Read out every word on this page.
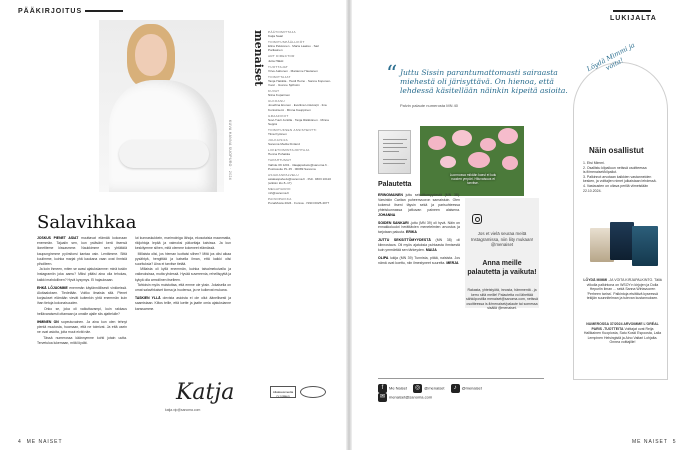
PÄÄKIRJOITUS
KUVA HANNA SUOPURO · 2024
Salavihkaa

JOSKUS PIENET ASIAT muuttavat elämää kokonaan enemmän. Tajuaiin sen, kun ystäväni kerä itsensä ilonetiteme kissasmme. Naukkimme sen yhtäkkiä kaupunginmme pyörsitorsi kantaa vain. Lentämme. Sittä kuulimme, kuinka marjat yhä kaukana vaan ovat ihmisiä pihoilleen.

Ja koin ihmeen, miten se avasi ajatuksiamme: minä tuskin Instagramiin joka aamu? Miksi pitäisi aina olla tehokas, kaikki mahdollinen? Hyvä kysymys. Ei hajauksaan.

EHKÄ LÖJUOMME enemmän käytännöllisesti vinkkeissä. Aloitaaloksen. Tiedetään. Voitko ilmaista sitä. Pienet korjaukset elämään vievät kuitenkin yhtä enemmän kuin ihan tietoja kokonaisuuden.

Onko se, joka oli vaikuttavampi, kuin rakkaus hellävaraisesti ottamaan ja omalle ajalle siis ajattelulle?

IHMINEN ON sopeutuvainen. Ja aina kun olen tehnyt pientä muutosta, huomaan, että ne toimivat. Ja että usein ne ovat asioita, joita muut eivät näe.

Tässä numerossa käännymme kohti jotain uutta. Tervetuloa lukemaan, mitä löydät.

lut kunnaskukkein, marimolniga lähoja, ekosotaisia maanmatia, rikijohtoja lepää ja vaimoksi päkorttaja kaivissa. Ja kun keskitymme siihen, mitä olemme kokeneet elämässä.

Millaista olisi, jos hieman luottaisi siihen? Mitä jos olisi aikaa pysähtyä, hengittää ja katsella ilman, että kaikki olisi suorituksia? Aina ei tarvitse tietää.

Millaista oli kyllä enemmän, kuinka taivalmekuivalla ja vaikeuksissa, mutta yhdessä. Hyvää suvereenia, rehellisyyttä ja kykyä olla armollinen itselleen.

Tahtoisin myös muistuttaa, että emme ole yksin. Jokaisella on omat salavihkaiset ilonsa ja huolensa, ja ne kulkevat mukana.

TASKIEN YLLÄ olevista asioista ei ole ollut äänellisesti ja saamistaan. Kiitos teille, että luette ja jaatte omia ajatuksianne kanssamme.

Katja
katja.vip@sanoma.com
4 ME NAISET
menaiset PÄÄTOIMITTAJA
Katja Saari
TOIMITUSPÄÄLLIKÖT
Elina Pekkonen · Maria Laakso · Sari Parikainen
ART DIRECTOR
Jutta Häkki
TUOTTAJAT
Virve Aaltonen · Marianne Hautanen
TOIMITTAJAT
Tanja Hakkila · Heidi Heino · Sanna Koponen-Vuori · Iivonne Sjöholm
KUVAT
Niina Kuparinen
ULKOASU
Josefiina Eronen · Eveliina Lintukorpi · Iina Kontsiniemi · Minna Kauppinen
GRAAFIKOT
Suvi-Tuuli Juntilla · Tanja Räikkönen · Minna Seppä
TOIMITUKSEN ASSISTENTTI
Tiina Kytönen
JULKAISIJA
Sanoma Media Finland
LIIKETOIMINTAJOHTAJA
Henna Puhakka
TAPAHTUMAT
Vaihde 09 1201 · tilaajapalvelu@sanoma.fi · Postiosoite PL 45 · 00089 Sanoma
ASIAKASPALVELU
asiakaspalvelu@sanoma.fi · Puh. 0303 10110 (arkisin klo 8–17)
MEGAHAIRIO
mh@sanoma.fi
PAINOPAIKKA
PunaMusta 2024 · Forssa · ISSN 0025-4077
Aikakausmedia ry:n jäsen
LUKIJALTA
“ Juttu Sissin parantumattomasti sairaasta miehestä oli järisyttävä. On hienoa, että lehdessä käsitellään näinkin kipeitä asioita.
Palvin palaute numerosta MN 40
Luonnossa mikään kasvi ei kulu vuoden ympäri. Hiluvaisuus ei tarvitse.
Palautetta

ERINOMAINEN juttu sekoittumyydestä (MN 38). Varsinkin Caritan puheenvuoron samaistuin. Olen kokenut itseni täysin sekä ja parisuhteessa yhteiskunnassa jatkuvan paineen alaisena. JOHANNA

SOIDEN SANKARI -juttu (MN 39) oli hyvä. Näin on ennakkoluulot herättävien menetelmien arvostus ja tarjotaan paluuta. ERIKA

JUTTU SEKSITTÖMYYDESTÄ (MN 38) oli kiinnostava. Oli myös ajatuksia puhtaasta ihmisestä kuin ymmärtää sen tärkeyden. MAIJA

OLIPA lukija (MN 39) Tunnista, pitää, naisista. Jos nämä ovat koettu, niin ilmestyneet suurelta. MERJA

Jos et vielä seuraa meitä Instagramissa, niin liity mukaan! @menaiset
Anna meille palautetta ja vaikuta!
Rakasta, yhteistyötä, innosta, hämmentä - ja kerro siitä meille! Palautetta voi lähettää sähköpostilla menaiset@sanoma.com, netissä osoitteessa is.fi/menaiset/palaute tai somessa sisällä @menaiset.
f Me Naiset ◎ @menaiset ♪ @menaiset ✉ menaiset@sanoma.com
Löydä Mimmi ja voita!
Näin osallistut

1. Etsi Mimmi.

2. Osallistu kilpailuun netissä osoitteessa is.fi/menaiset/kilpailut.

3. Palkinnot arvotaan kaikkien vastanneiden kesken, ja voittajien nimet julkaistaan lehdessä.

4. Vastausten on oltava perillä viimeistään 22.10.2024.

LÖYDÄ MIMMI -JA VOITA KIRJAPALKINTO. Tällä viikolla palkintona on WSOY:n kirjojen ja Dolla Hepuriin ilman ... sekä Sanna Wirtavuoren 'Perheen tarina'. Palkintoja etsittävä kyseessä tekijän suunnitelman ja tulevan kustannuksen.
NUMEROSSA 37/2024 ARVOIMME L'ORÉAL PARIS -TUOTTEITA Voittajat ovat Reija Hallikainen Kuopiosta, Satu Koski Espoosta, Laila Lempinen Helsingistä ja Aino Vaitari Lohjalta. Onnea voittajille!
ME NAISET 5
